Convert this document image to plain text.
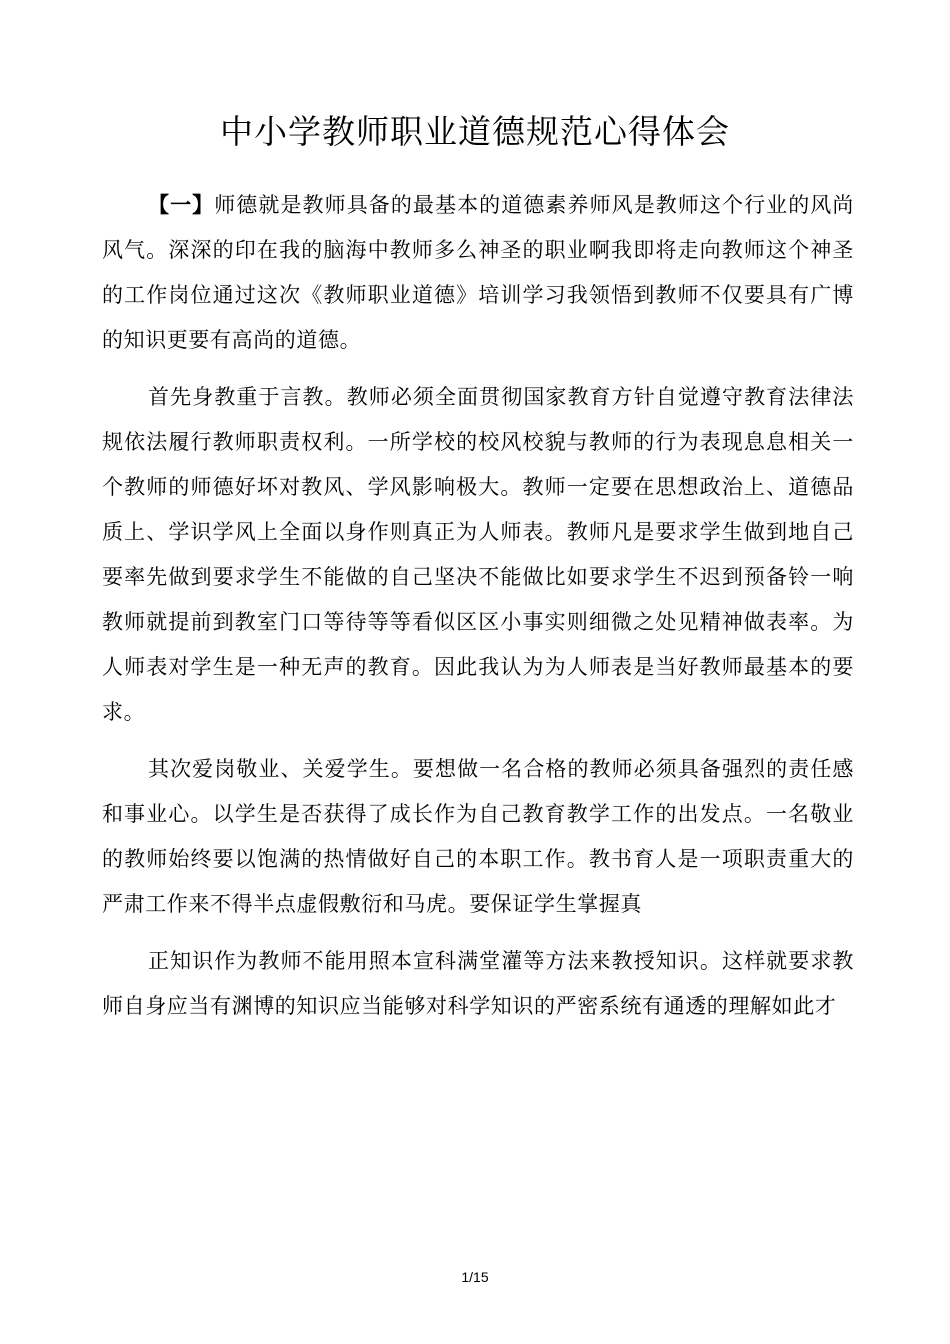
中小学教师职业道德规范心得体会

【一】师德就是教师具备的最基本的道德素养师风是教师这个行业的风尚风气。深深的印在我的脑海中教师多么神圣的职业啊我即将走向教师这个神圣的工作岗位通过这次《教师职业道德》培训学习我领悟到教师不仅要具有广博的知识更要有高尚的道德。

首先身教重于言教。教师必须全面贯彻国家教育方针自觉遵守教育法律法规依法履行教师职责权利。一所学校的校风校貌与教师的行为表现息息相关一个教师的师德好坏对教风、学风影响极大。教师一定要在思想政治上、道德品质上、学识学风上全面以身作则真正为人师表。教师凡是要求学生做到地自己要率先做到要求学生不能做的自己坚决不能做比如要求学生不迟到预备铃一响教师就提前到教室门口等待等等看似区区小事实则细微之处见精神做表率。为人师表对学生是一种无声的教育。因此我认为为人师表是当好教师最基本的要求。

其次爱岗敬业、关爱学生。要想做一名合格的教师必须具备强烈的责任感和事业心。以学生是否获得了成长作为自己教育教学工作的出发点。一名敬业的教师始终要以饱满的热情做好自己的本职工作。教书育人是一项职责重大的严肃工作来不得半点虚假敷衍和马虎。要保证学生掌握真

正知识作为教师不能用照本宣科满堂灌等方法来教授知识。这样就要求教师自身应当有渊博的知识应当能够对科学知识的严密系统有通透的理解如此才

1/15
